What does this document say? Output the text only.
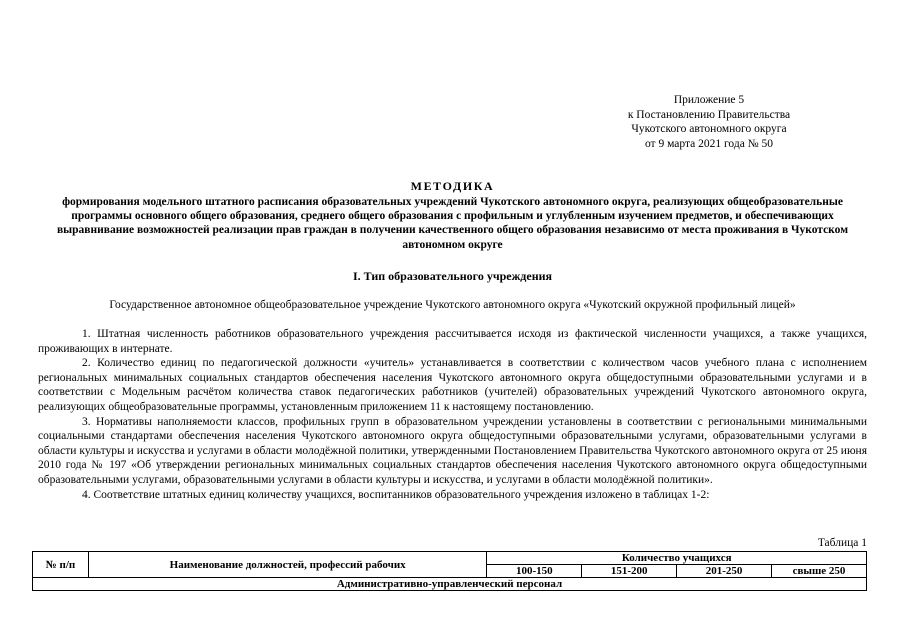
Приложение 5
к Постановлению Правительства
Чукотского автономного округа
от 9 марта 2021 года № 50
МЕТОДИКА
формирования модельного штатного расписания образовательных учреждений Чукотского автономного округа, реализующих общеобразовательные программы основного общего образования, среднего общего образования с профильным и углубленным изучением предметов, и обеспечивающих выравнивание возможностей реализации прав граждан в получении качественного общего образования независимо от места проживания в Чукотском автономном округе
I. Тип образовательного учреждения
Государственное автономное общеобразовательное учреждение Чукотского автономного округа «Чукотский окружной профильный лицей»

1. Штатная численность работников образовательного учреждения рассчитывается исходя из фактической численности учащихся, а также учащихся, проживающих в интернате.

2. Количество единиц по педагогической должности «учитель» устанавливается в соответствии с количеством часов учебного плана с исполнением региональных минимальных социальных стандартов обеспечения населения Чукотского автономного округа общедоступными образовательными услугами и в соответствии с Модельным расчётом количества ставок педагогических работников (учителей) образовательных учреждений Чукотского автономного округа, реализующих общеобразовательные программы, установленным приложением 11 к настоящему постановлению.

3. Нормативы наполняемости классов, профильных групп в образовательном учреждении установлены в соответствии с региональными минимальными социальными стандартами обеспечения населения Чукотского автономного округа общедоступными образовательными услугами, образовательными услугами в области культуры и искусства и услугами в области молодёжной политики, утвержденными Постановлением Правительства Чукотского автономного округа от 25 июня 2010 года № 197 «Об утверждении региональных минимальных социальных стандартов обеспечения населения Чукотского автономного округа общедоступными образовательными услугами, образовательными услугами в области культуры и искусства, и услугами в области молодёжной политики».

4. Соответствие штатных единиц количеству учащихся, воспитанников образовательного учреждения изложено в таблицах 1-2:

Таблица 1
№ п/п	Наименование должностей, профессий рабочих	Количество учащихся			
		100-150	151-200	201-250	свыше 250
Административно-управленческий персонал					
